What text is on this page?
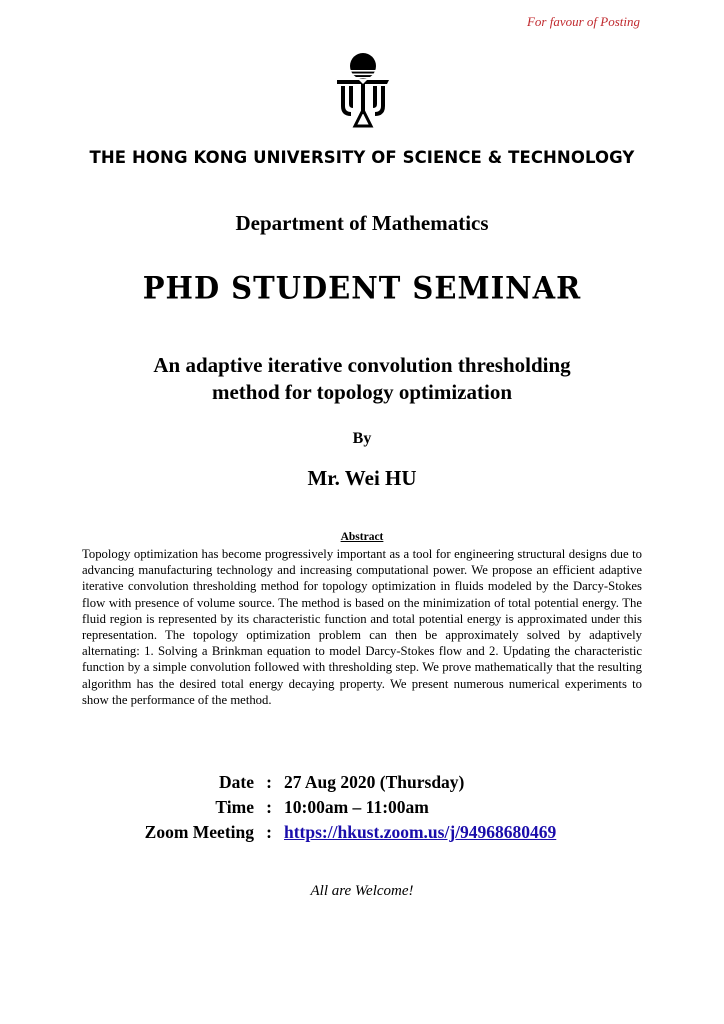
For favour of Posting
THE HONG KONG UNIVERSITY OF SCIENCE & TECHNOLOGY
Department of Mathematics
PHD STUDENT SEMINAR
An adaptive iterative convolution thresholding
method for topology optimization
By
Mr. Wei HU
Abstract
Topology optimization has become progressively important as a tool for engineering structural designs due to advancing manufacturing technology and increasing computational power. We propose an efficient adaptive iterative convolution thresholding method for topology optimization in fluids modeled by the Darcy-Stokes flow with presence of volume source. The method is based on the minimization of total potential energy. The fluid region is represented by its characteristic function and total potential energy is approximated under this representation. The topology optimization problem can then be approximately solved by adaptively alternating: 1. Solving a Brinkman equation to model Darcy-Stokes flow and 2. Updating the characteristic function by a simple convolution followed with thresholding step. We prove mathematically that the resulting algorithm has the desired total energy decaying property. We present numerous numerical experiments to show the performance of the method.
Date : 27 Aug 2020 (Thursday)
Time : 10:00am – 11:00am
Zoom Meeting : https://hkust.zoom.us/j/94968680469
All are Welcome!
